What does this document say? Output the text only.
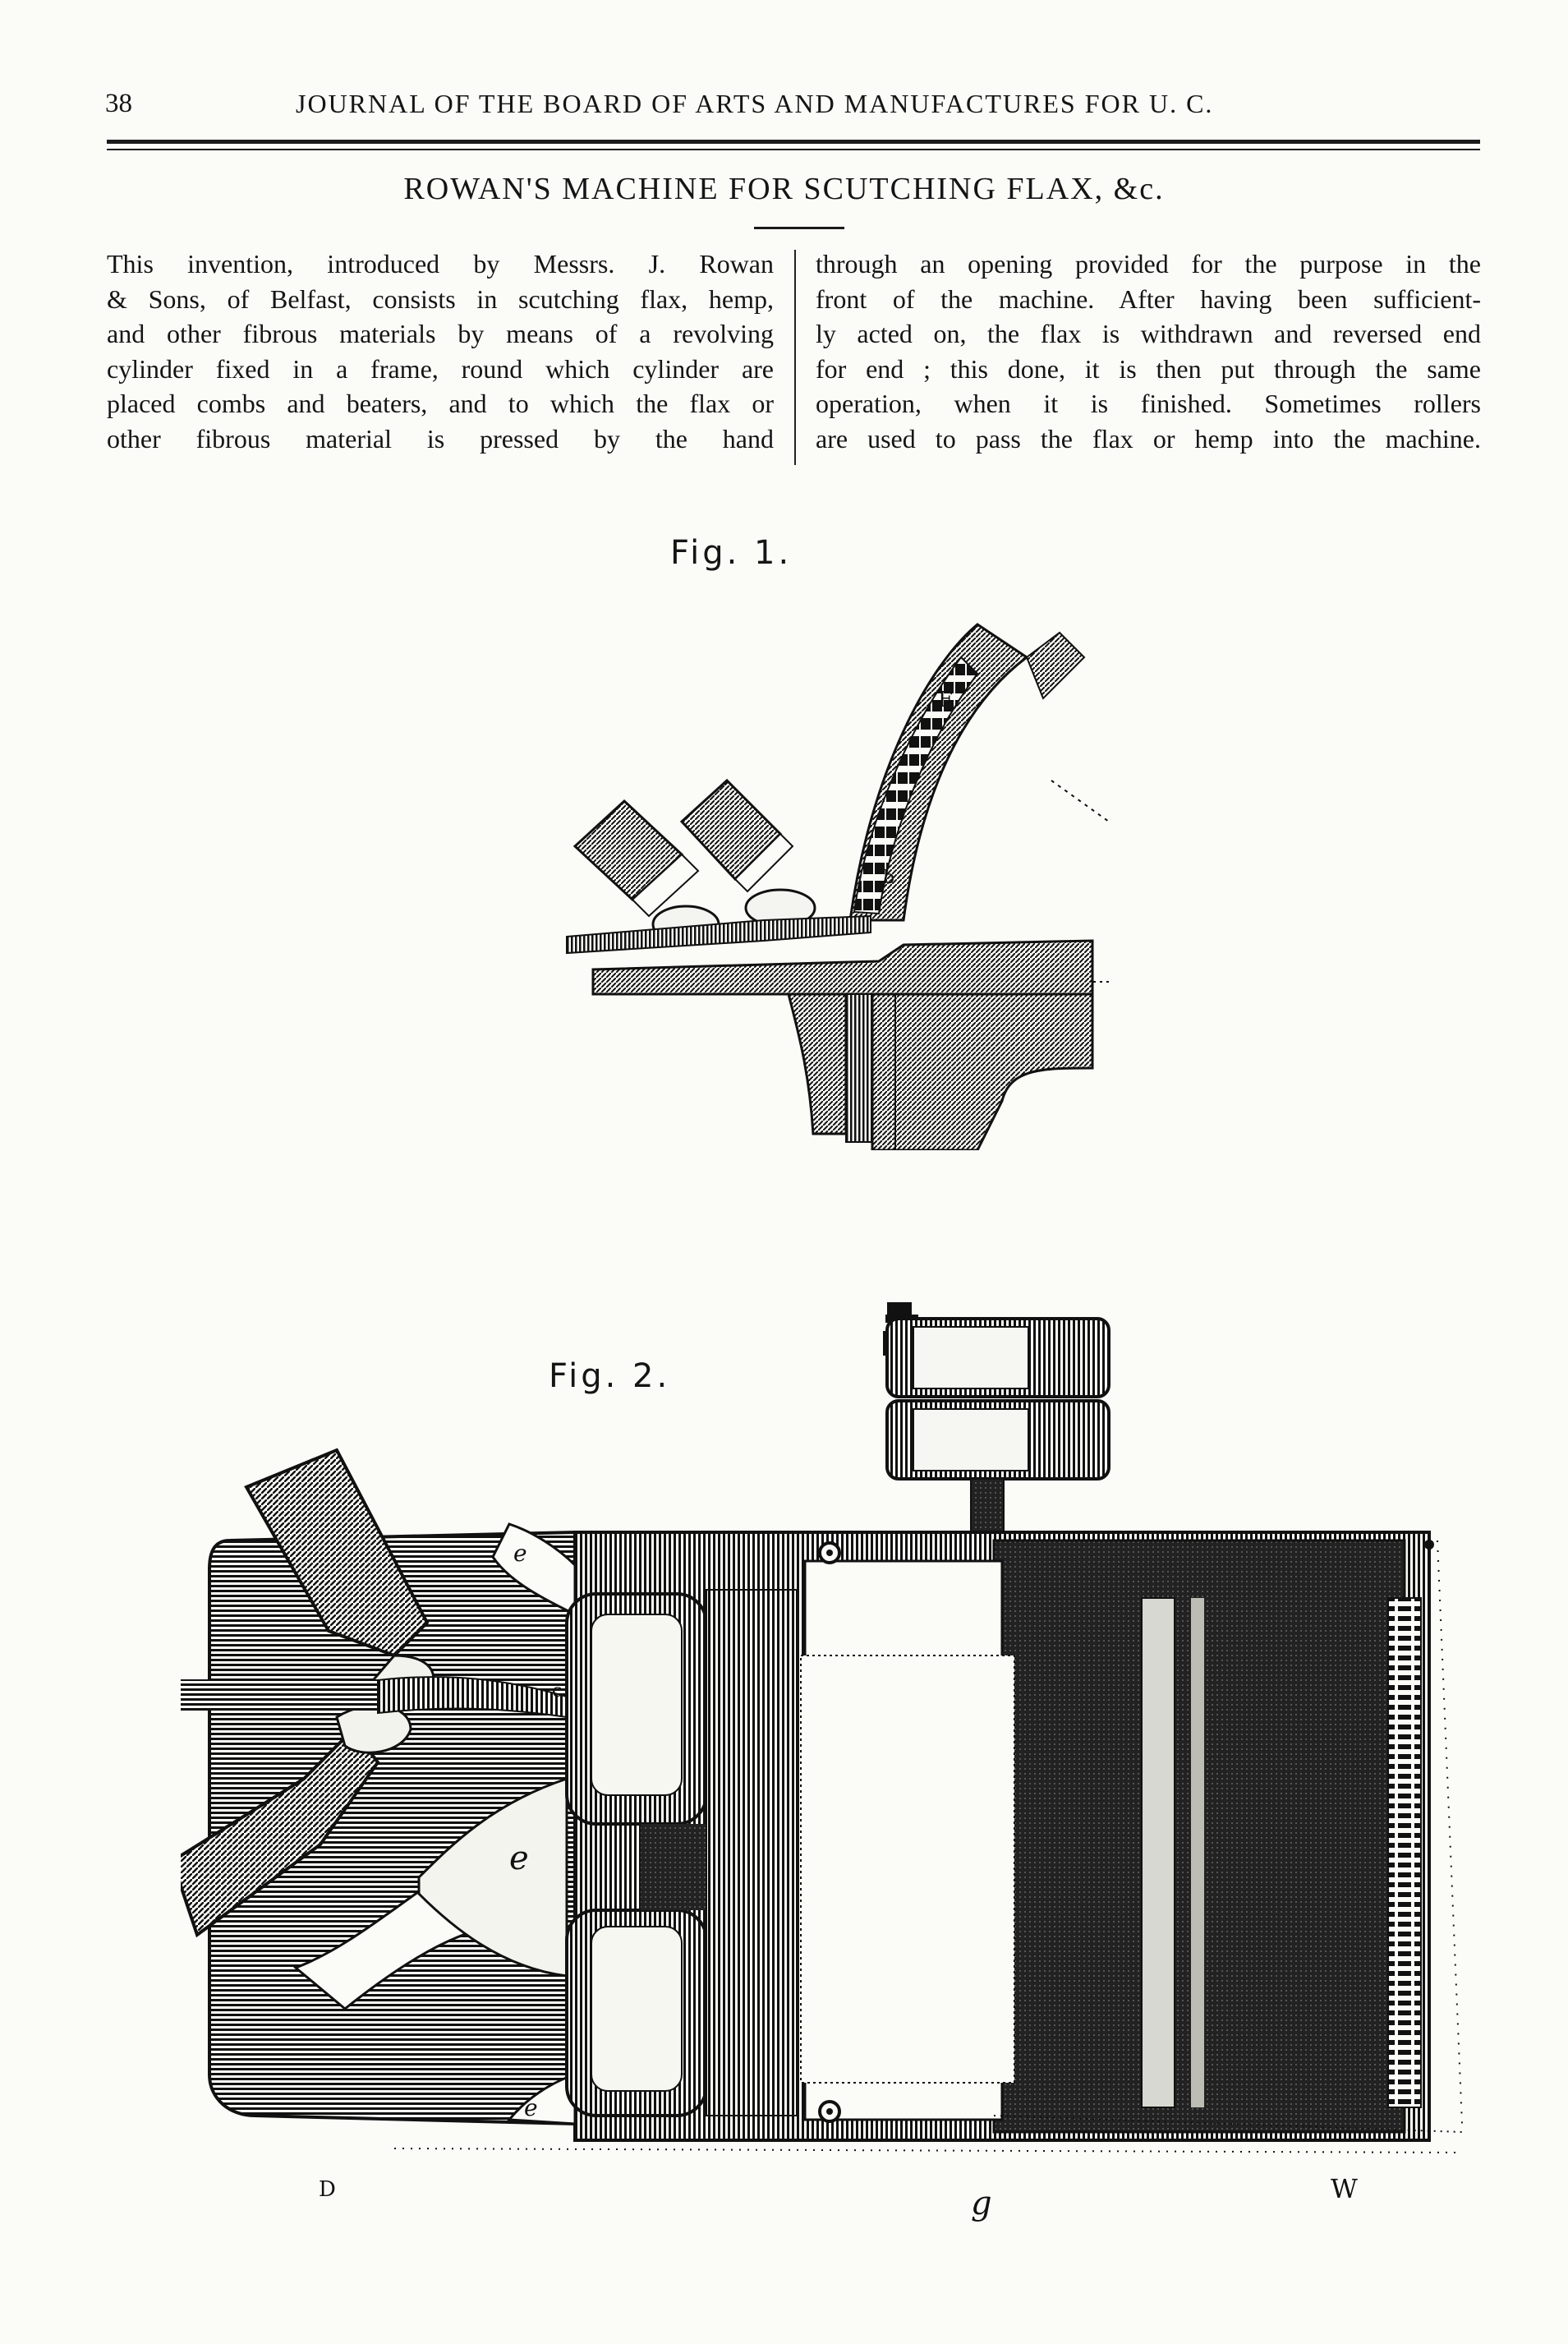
38	JOURNAL OF THE BOARD OF ARTS AND MANUFACTURES FOR U. C.
ROWAN'S MACHINE FOR SCUTCHING FLAX, &c.
This invention, introduced by Messrs. J. Rowan
& Sons, of Belfast, consists in scutching flax, hemp,
and other fibrous materials by means of a revolving
cylinder fixed in a frame, round which cylinder are
placed combs and beaters, and to which the flax or
other fibrous material is pressed by the hand
through an opening provided for the purpose in the
front of the machine. After having been sufficient-
ly acted on, the flax is withdrawn and reversed end
for end ; this done, it is then put through the same
operation, when it is finished. Sometimes rollers
are used to pass the flax or hemp into the machine.
Fig. 1.
F
b
Fig. 2.
e
c
e
e
D	g	W
